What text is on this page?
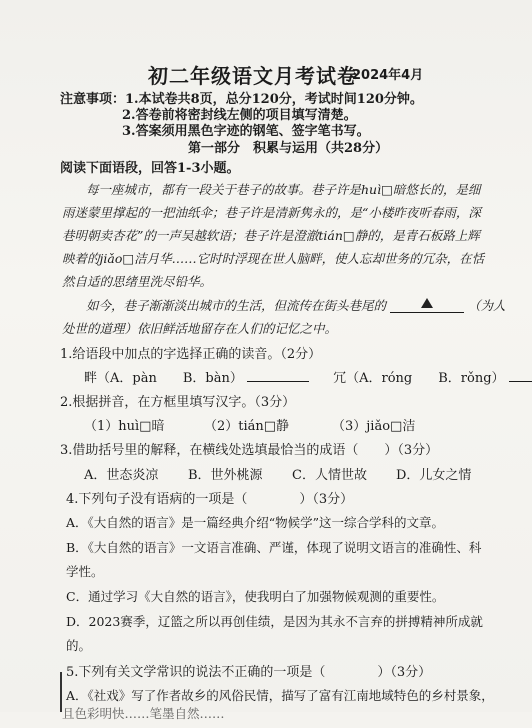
初二年级语文月考试卷
2024年4月
注意事项：1.本试卷共8页，总分120分，考试时间120分钟。
2.答卷前将密封线左侧的项目填写清楚。
3.答案须用黑色字迹的钢笔、签字笔书写。
第一部分　积累与运用（共28分）
阅读下面语段，回答1-3小题。
每一座城市，都有一段关于巷子的故事。巷子许是huì□暗悠长的，是细
雨迷蒙里撑起的一把油纸伞；巷子许是清新隽永的，是“小楼昨夜听春雨，深
巷明朝卖杏花”的一声吴越软语；巷子许是澄澈tián□静的，是青石板路上辉
映着的jiǎo□洁月华……它时时浮现在世人脑畔，使人忘却世务的冗杂，在恬
然自适的思绪里洗尽铅华。
如今，巷子渐渐淡出城市的生活，但流传在街头巷尾的	（为人
处世的道理）依旧鲜活地留存在人们的记忆之中。
1.给语段中加点的字选择正确的读音。（2分）
畔（A．pàn　　B．bàn）	冗（A．róng　　B．rǒng）
2.根据拼音，在方框里填写汉字。（3分）
（1）huì□暗	（2）tián□静	（3）jiǎo□洁
3.借助括号里的解释，在横线处选填最恰当的成语（　　）（3分）
A．世态炎凉 B．世外桃源 C．人情世故 D．儿女之情
4.下列句子没有语病的一项是（　　　　）（3分）
A．《大自然的语言》是一篇经典介绍“物候学”这一综合学科的文章。
B．《大自然的语言》一文语言准确、严谨，体现了说明文语言的准确性、科
学性。
C．通过学习《大自然的语言》，使我明白了加强物候观测的重要性。
D．2023赛季，辽篮之所以再创佳绩，是因为其永不言弃的拼搏精神所成就
的。
5.下列有关文学常识的说法不正确的一项是（　　　　）（3分）
A．《社戏》写了作者故乡的风俗民情，描写了富有江南地域特色的乡村景象，
且色彩明快……笔墨自然……
